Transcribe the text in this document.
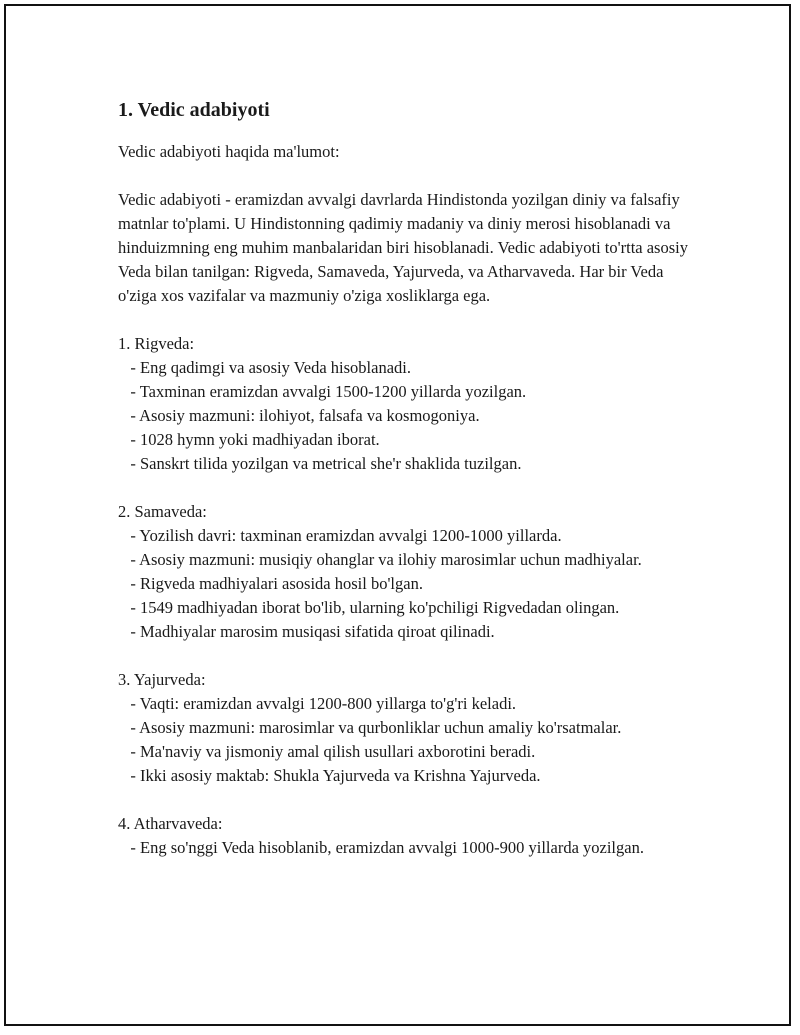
1. Vedic adabiyoti
Vedic adabiyoti haqida ma'lumot:
Vedic adabiyoti - eramizdan avvalgi davrlarda Hindistonda yozilgan diniy va falsafiy matnlar to'plami. U Hindistonning qadimiy madaniy va diniy merosi hisoblanadi va hinduizmning eng muhim manbalaridan biri hisoblanadi. Vedic adabiyoti to'rtta asosiy Veda bilan tanilgan: Rigveda, Samaveda, Yajurveda, va Atharvaveda. Har bir Veda o'ziga xos vazifalar va mazmuniy o'ziga xosliklarga ega.
1. Rigveda:
- Eng qadimgi va asosiy Veda hisoblanadi.
- Taxminan eramizdan avvalgi 1500-1200 yillarda yozilgan.
- Asosiy mazmuni: ilohiyot, falsafa va kosmogoniya.
- 1028 hymn yoki madhiyadan iborat.
- Sanskrt tilida yozilgan va metrical she'r shaklida tuzilgan.
2. Samaveda:
- Yozilish davri: taxminan eramizdan avvalgi 1200-1000 yillarda.
- Asosiy mazmuni: musiqiy ohanglar va ilohiy marosimlar uchun madhiyalar.
- Rigveda madhiyalari asosida hosil bo'lgan.
- 1549 madhiyadan iborat bo'lib, ularning ko'pchiligi Rigvedadan olingan.
- Madhiyalar marosim musiqasi sifatida qiroat qilinadi.
3. Yajurveda:
- Vaqti: eramizdan avvalgi 1200-800 yillarga to'g'ri keladi.
- Asosiy mazmuni: marosimlar va qurbonliklar uchun amaliy ko'rsatmalar.
- Ma'naviy va jismoniy amal qilish usullari axborotini beradi.
- Ikki asosiy maktab: Shukla Yajurveda va Krishna Yajurveda.
4. Atharvaveda:
- Eng so'nggi Veda hisoblanib, eramizdan avvalgi 1000-900 yillarda yozilgan.
